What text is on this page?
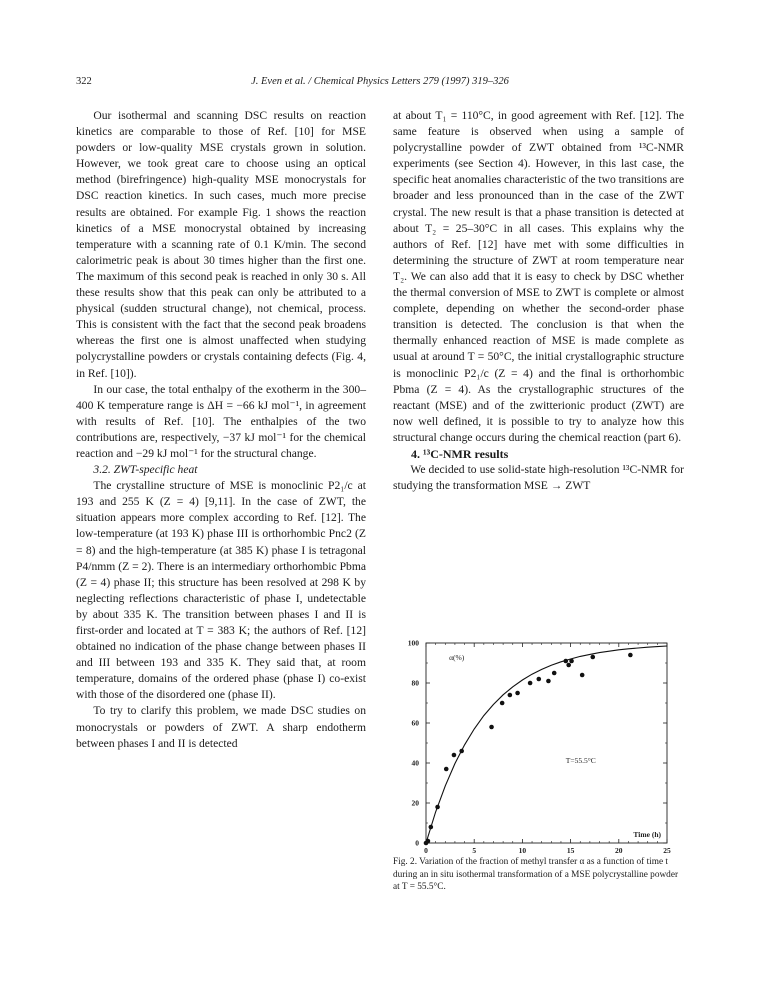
322	J. Even et al. / Chemical Physics Letters 279 (1997) 319–326

Our isothermal and scanning DSC results on reaction kinetics are comparable to those of Ref. [10] for MSE powders or low-quality MSE crystals grown in solution. However, we took great care to choose using an optical method (birefringence) high-quality MSE monocrystals for DSC reaction kinetics. In such cases, much more precise results are obtained. For example Fig. 1 shows the reaction kinetics of a MSE monocrystal obtained by increasing temperature with a scanning rate of 0.1 K/min. The second calorimetric peak is about 30 times higher than the first one. The maximum of this second peak is reached in only 30 s. All these results show that this peak can only be attributed to a physical (sudden structural change), not chemical, process. This is consistent with the fact that the second peak broadens whereas the first one is almost unaffected when studying polycrystalline powders or crystals containing defects (Fig. 4, in Ref. [10]).

In our case, the total enthalpy of the exotherm in the 300–400 K temperature range is ΔH = −66 kJ mol⁻¹, in agreement with results of Ref. [10]. The enthalpies of the two contributions are, respectively, −37 kJ mol⁻¹ for the chemical reaction and −29 kJ mol⁻¹ for the structural change.

3.2. ZWT-specific heat

The crystalline structure of MSE is monoclinic P2₁/c at 193 and 255 K (Z = 4) [9,11]. In the case of ZWT, the situation appears more complex according to Ref. [12]. The low-temperature (at 193 K) phase III is orthorhombic Pnc2 (Z = 8) and the high-temperature (at 385 K) phase I is tetragonal P4/nmm (Z = 2). There is an intermediary orthorhombic Pbma (Z = 4) phase II; this structure has been resolved at 298 K by neglecting reflections characteristic of phase I, undetectable by about 335 K. The transition between phases I and II is first-order and located at T = 383 K; the authors of Ref. [12] obtained no indication of the phase change between phases II and III between 193 and 335 K. They said that, at room temperature, domains of the ordered phase (phase I) co-exist with those of the disordered one (phase II).

To try to clarify this problem, we made DSC studies on monocrystals or powders of ZWT. A sharp endotherm between phases I and II is detected

at about T₁ = 110°C, in good agreement with Ref. [12]. The same feature is observed when using a sample of polycrystalline powder of ZWT obtained from ¹³C-NMR experiments (see Section 4). However, in this last case, the specific heat anomalies characteristic of the two transitions are broader and less pronounced than in the case of the ZWT crystal. The new result is that a phase transition is detected at about T₂ = 25–30°C in all cases. This explains why the authors of Ref. [12] have met with some difficulties in determining the structure of ZWT at room temperature near T₂. We can also add that it is easy to check by DSC whether the thermal conversion of MSE to ZWT is complete or almost complete, depending on whether the second-order phase transition is detected. The conclusion is that when the thermally enhanced reaction of MSE is made complete as usual at around T = 50°C, the initial crystallographic structure is monoclinic P2₁/c (Z = 4) and the final is orthorhombic Pbma (Z = 4). As the crystallographic structures of the reactant (MSE) and of the zwitterionic product (ZWT) are now well defined, it is possible to try to analyze how this structural change occurs during the chemical reaction (part 6).

4. ¹³C-NMR results

We decided to use solid-state high-resolution ¹³C-NMR for studying the transformation MSE → ZWT

0	5	10	15	20	25
0
20
40
60
80
100
α(%)
Time (h)
T=55.5°C
Fig. 2. Variation of the fraction of methyl transfer α as a function of time t during an in situ isothermal transformation of a MSE polycrystalline powder at T = 55.5°C.
